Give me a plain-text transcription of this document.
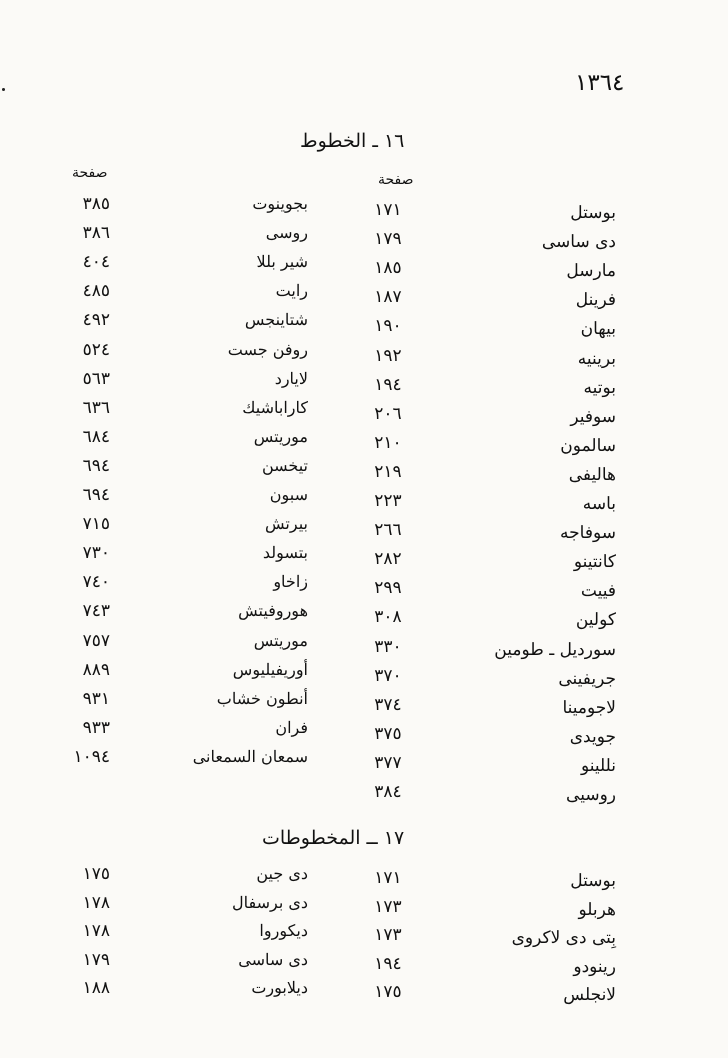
١٣٦٤
١٦ ـ الخطوط
صفحة	صفحة
بوستل
١٧١
بجوينوت
٣٨٥
دى ساسى
١٧٩
روسى
٣٨٦
مارسل
١٨٥
شير بللا
٤٠٤
فرينل
١٨٧
رايت
٤٨٥
بيهان
١٩٠
شتاينجس
٤٩٢
برينيه
١٩٢
روفن جست
٥٢٤
بوتيه
١٩٤
لايارد
٥٦٣
سوفير
٢٠٦
كاراباشيك
٦٣٦
سالمون
٢١٠
موريتس
٦٨٤
هاليفى
٢١٩
تيخسن
٦٩٤
باسه
٢٢٣
سبون
٦٩٤
سوفاجه
٢٦٦
بيرتش
٧١٥
كانتينو
٢٨٢
بتسولد
٧٣٠
فييت
٢٩٩
زاخاو
٧٤٠
كولين
٣٠٨
هوروفيتش
٧٤٣
سورديل ـ طومين
٣٣٠
موريتس
٧٥٧
جريفينى
٣٧٠
أوريفيليوس
٨٨٩
لاجومينا
٣٧٤
أنطون خشاب
٩٣١
جويدى
٣٧٥
فران
٩٣٣
نللينو
٣٧٧
سمعان السمعانى
١٠٩٤
روسيى
٣٨٤
١٧ ــ المخطوطات
بوستل
١٧١
دى جين
١٧٥
هربلو
١٧٣
دى برسفال
١٧٨
بِتى دى لاكروى
١٧٣
ديكوروا
١٧٨
رينودو
١٩٤
دى ساسى
١٧٩
لانجلس
١٧٥
ديلابورت
١٨٨
